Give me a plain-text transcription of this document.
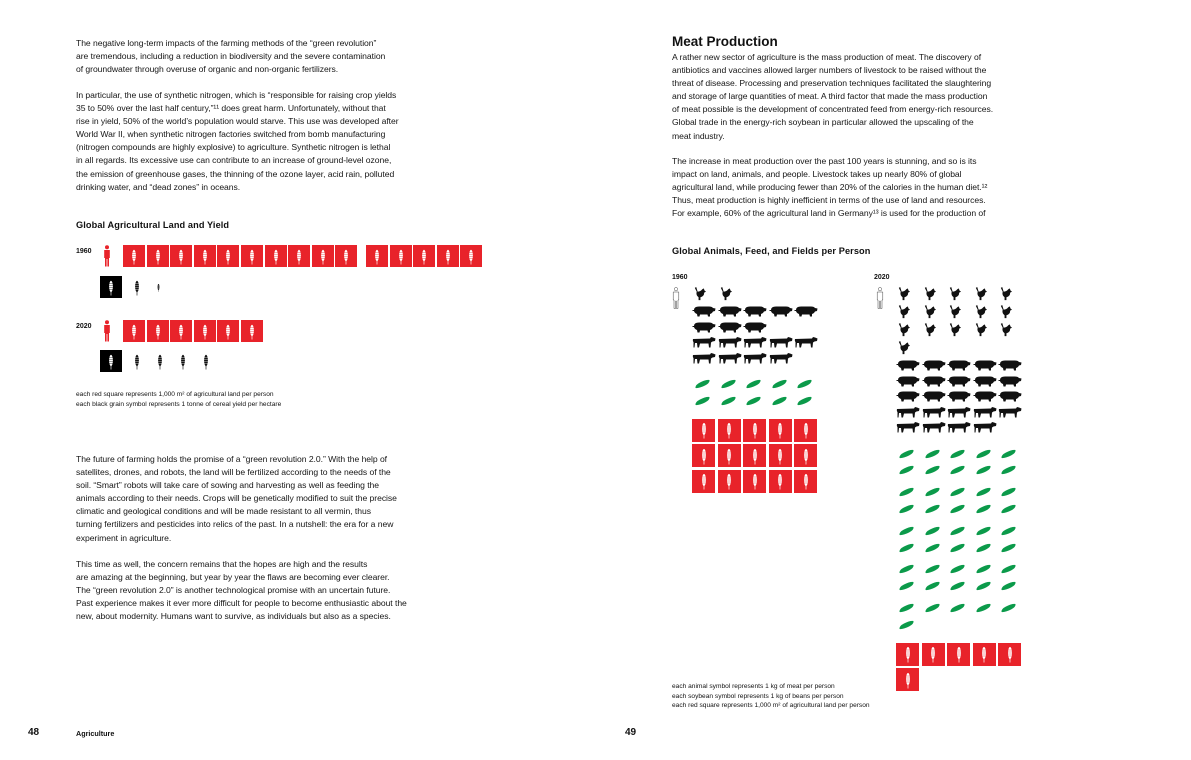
The negative long-term impacts of the farming methods of the “green revolution”
are tremendous, including a reduction in biodiversity and the severe contamination
of groundwater through overuse of organic and non-organic fertilizers.
In particular, the use of synthetic nitrogen, which is “responsible for raising crop yields
35 to 50% over the last half century,”¹¹ does great harm. Unfortunately, without that
rise in yield, 50% of the world’s population would starve. This use was developed after
World War II, when synthetic nitrogen factories switched from bomb manufacturing
(nitrogen compounds are highly explosive) to agriculture. Synthetic nitrogen is lethal
in all regards. Its excessive use can contribute to an increase of ground-level ozone,
the emission of greenhouse gases, the thinning of the ozone layer, acid rain, polluted
drinking water, and “dead zones” in oceans.
Global Agricultural Land and Yield
1960
2020
each red square represents 1,000 m² of agricultural land per person
each black grain symbol represents 1 tonne of cereal yield per hectare
The future of farming holds the promise of a “green revolution 2.0.” With the help of
satellites, drones, and robots, the land will be fertilized according to the needs of the
soil. “Smart” robots will take care of sowing and harvesting as well as feeding the
animals according to their needs. Crops will be genetically modified to suit the precise
climatic and geological conditions and will be made resistant to all vermin, thus
turning fertilizers and pesticides into relics of the past. In a nutshell: the era for a new
experiment in agriculture.
This time as well, the concern remains that the hopes are high and the results
are amazing at the beginning, but year by year the flaws are becoming ever clearer.
The “green revolution 2.0” is another technological promise with an uncertain future.
Past experience makes it ever more difficult for people to become enthusiastic about the
new, about modernity. Humans want to survive, as individuals but also as a species.
48	Agriculture
Meat Production
A rather new sector of agriculture is the mass production of meat. The discovery of
antibiotics and vaccines allowed larger numbers of livestock to be raised without the
threat of disease. Processing and preservation techniques facilitated the slaughtering
and storage of large quantities of meat. A third factor that made the mass production
of meat possible is the development of concentrated feed from energy-rich resources.
Global trade in the energy-rich soybean in particular allowed the upscaling of the
meat industry.
The increase in meat production over the past 100 years is stunning, and so is its
impact on land, animals, and people. Livestock takes up nearly 80% of global
agricultural land, while producing fewer than 20% of the calories in the human diet.¹²
Thus, meat production is highly inefficient in terms of the use of land and resources.
For example, 60% of the agricultural land in Germany¹³ is used for the production of
Global Animals, Feed, and Fields per Person
1960	2020
each animal symbol represents 1 kg of meat per person
each soybean symbol represents 1 kg of beans per person
each red square represents 1,000 m² of agricultural land per person
49
